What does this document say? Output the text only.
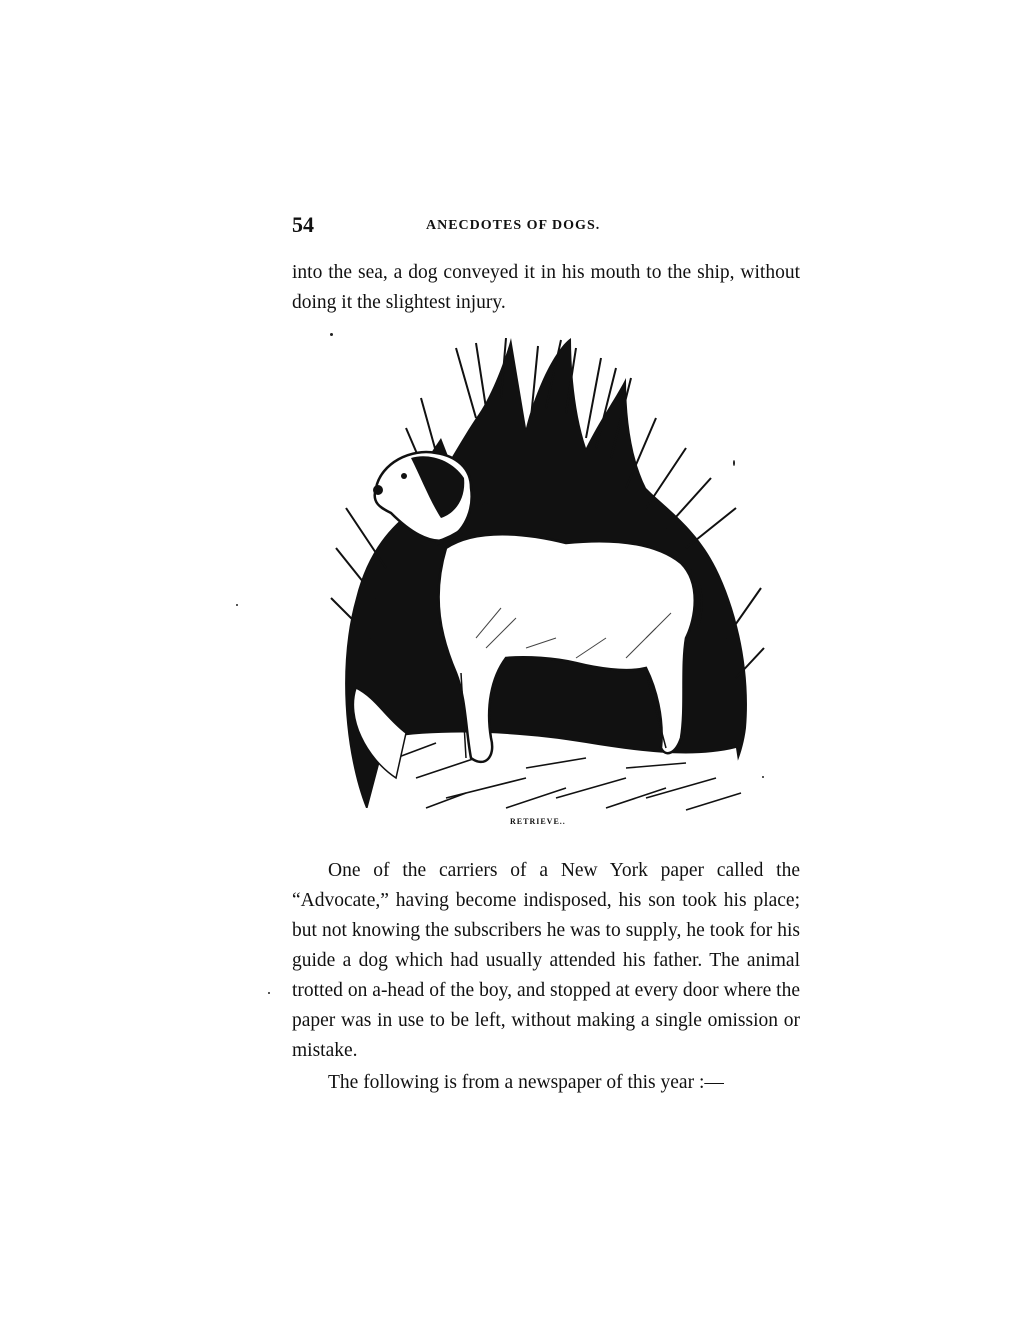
54	ANECDOTES OF DOGS.

into the sea, a dog conveyed it in his mouth to the ship, without doing it the slightest injury.

RETRIEVE..

One of the carriers of a New York paper called the “Advocate,” having become indisposed, his son took his place; but not knowing the subscribers he was to supply, he took for his guide a dog which had usually attended his father. The animal trotted on a-head of the boy, and stopped at every door where the paper was in use to be left, without making a single omission or mistake.

The following is from a newspaper of this year :—
